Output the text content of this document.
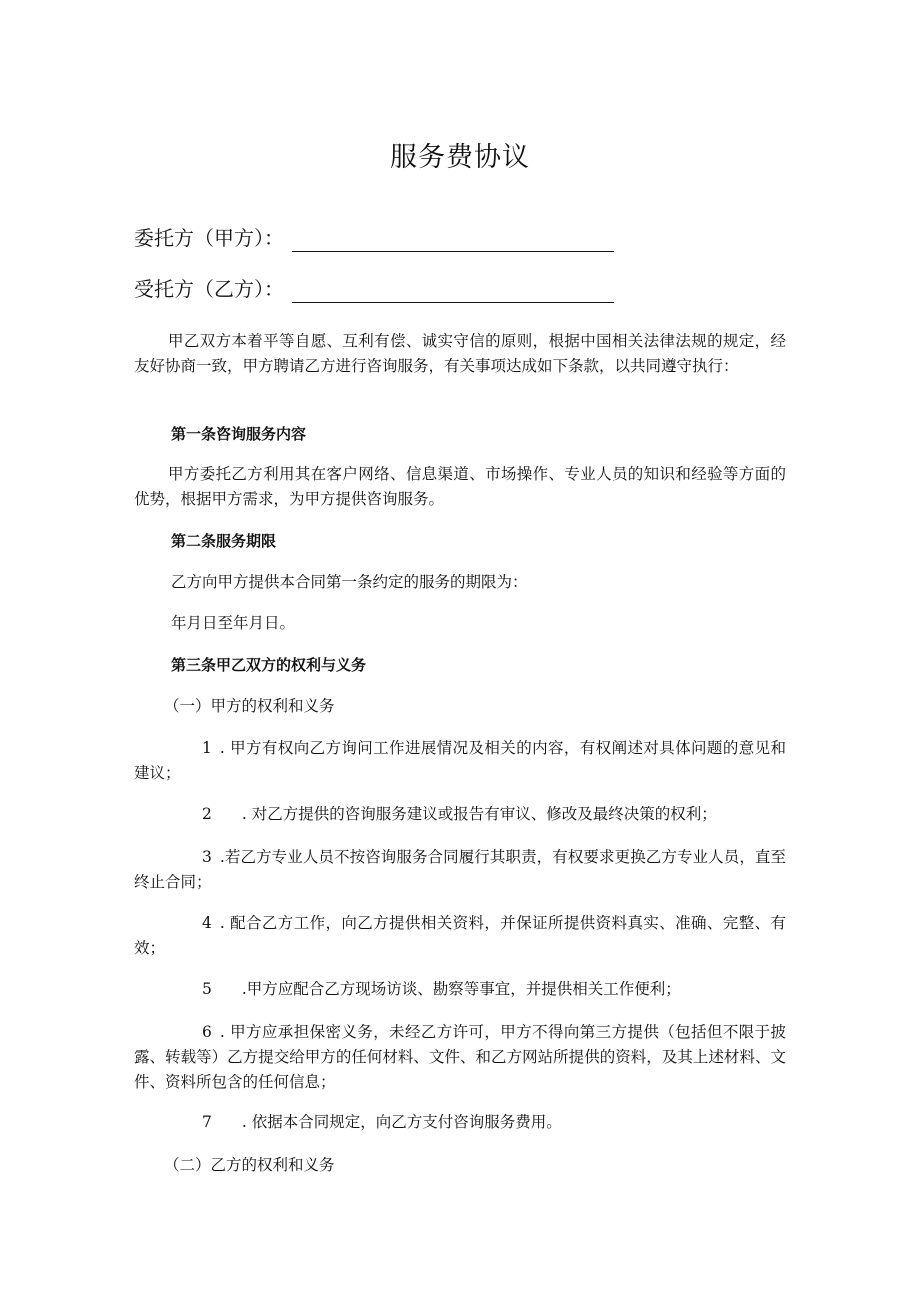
服务费协议
委托方（甲方）：
受托方（乙方）：

甲乙双方本着平等自愿、互利有偿、诚实守信的原则，根据中国相关法律法规的规定，经友好协商一致，甲方聘请乙方进行咨询服务，有关事项达成如下条款，以共同遵守执行：

第一条咨询服务内容

甲方委托乙方利用其在客户网络、信息渠道、市场操作、专业人员的知识和经验等方面的优势，根据甲方需求，为甲方提供咨询服务。

第二条服务期限
乙方向甲方提供本合同第一条约定的服务的期限为：
年月日至年月日。
第三条甲乙双方的权利与义务
（一）甲方的权利和义务

1 . 甲方有权向乙方询问工作进展情况及相关的内容，有权阐述对具体问题的意见和建议；

2 . 对乙方提供的咨询服务建议或报告有审议、修改及最终决策的权利；

3 .若乙方专业人员不按咨询服务合同履行其职责，有权要求更换乙方专业人员，直至终止合同；

4 . 配合乙方工作，向乙方提供相关资料，并保证所提供资料真实、准确、完整、有效；

5 .甲方应配合乙方现场访谈、勘察等事宜，并提供相关工作便利；

6 . 甲方应承担保密义务，未经乙方许可，甲方不得向第三方提供（包括但不限于披露、转载等）乙方提交给甲方的任何材料、文件、和乙方网站所提供的资料，及其上述材料、文件、资料所包含的任何信息；

7 . 依据本合同规定，向乙方支付咨询服务费用。

（二）乙方的权利和义务
